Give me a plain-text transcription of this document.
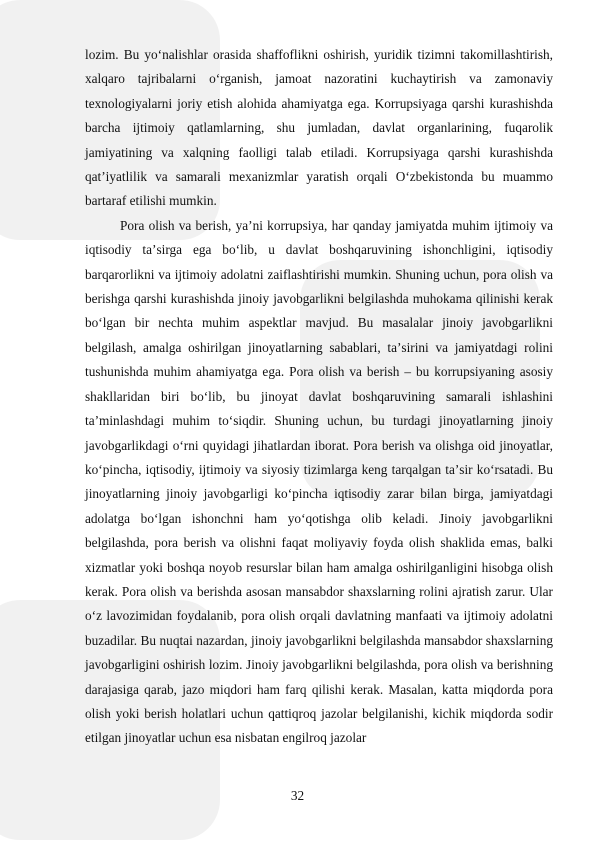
lozim. Bu yoʻnalishlar orasida shaffoflikni oshirish, yuridik tizimni takomillashtirish, xalqaro tajribalarni oʻrganish, jamoat nazoratini kuchaytirish va zamonaviy texnologiyalarni joriy etish alohida ahamiyatga ega. Korrupsiyaga qarshi kurashishda barcha ijtimoiy qatlamlarning, shu jumladan, davlat organlarining, fuqarolik jamiyatining va xalqning faolligi talab etiladi. Korrupsiyaga qarshi kurashishda qatʼiyatlilik va samarali mexanizmlar yaratish orqali Oʻzbekistonda bu muammo bartaraf etilishi mumkin.

Pora olish va berish, yaʼni korrupsiya, har qanday jamiyatda muhim ijtimoiy va iqtisodiy taʼsirga ega boʻlib, u davlat boshqaruvining ishonchligini, iqtisodiy barqarorlikni va ijtimoiy adolatni zaiflashtirishi mumkin. Shuning uchun, pora olish va berishga qarshi kurashishda jinoiy javobgarlikni belgilashda muhokama qilinishi kerak boʻlgan bir nechta muhim aspektlar mavjud. Bu masalalar jinoiy javobgarlikni belgilash, amalga oshirilgan jinoyatlarning sabablari, taʼsirini va jamiyatdagi rolini tushunishda muhim ahamiyatga ega. Pora olish va berish – bu korrupsiyaning asosiy shakllaridan biri boʻlib, bu jinoyat davlat boshqaruvining samarali ishlashini taʼminlashdagi muhim toʻsiqdir. Shuning uchun, bu turdagi jinoyatlarning jinoiy javobgarlikdagi oʻrni quyidagi jihatlardan iborat. Pora berish va olishga oid jinoyatlar, koʻpincha, iqtisodiy, ijtimoiy va siyosiy tizimlarga keng tarqalgan taʼsir koʻrsatadi. Bu jinoyatlarning jinoiy javobgarligi koʻpincha iqtisodiy zarar bilan birga, jamiyatdagi adolatga boʻlgan ishonchni ham yoʻqotishga olib keladi. Jinoiy javobgarlikni belgilashda, pora berish va olishni faqat moliyaviy foyda olish shaklida emas, balki xizmatlar yoki boshqa noyob resurslar bilan ham amalga oshirilganligini hisobga olish kerak. Pora olish va berishda asosan mansabdor shaxslarning rolini ajratish zarur. Ular oʻz lavozimidan foydalanib, pora olish orqali davlatning manfaati va ijtimoiy adolatni buzadilar. Bu nuqtai nazardan, jinoiy javobgarlikni belgilashda mansabdor shaxslarning javobgarligini oshirish lozim. Jinoiy javobgarlikni belgilashda, pora olish va berishning darajasiga qarab, jazo miqdori ham farq qilishi kerak. Masalan, katta miqdorda pora olish yoki berish holatlari uchun qattiqroq jazolar belgilanishi, kichik miqdorda sodir etilgan jinoyatlar uchun esa nisbatan engilroq jazolar

32
